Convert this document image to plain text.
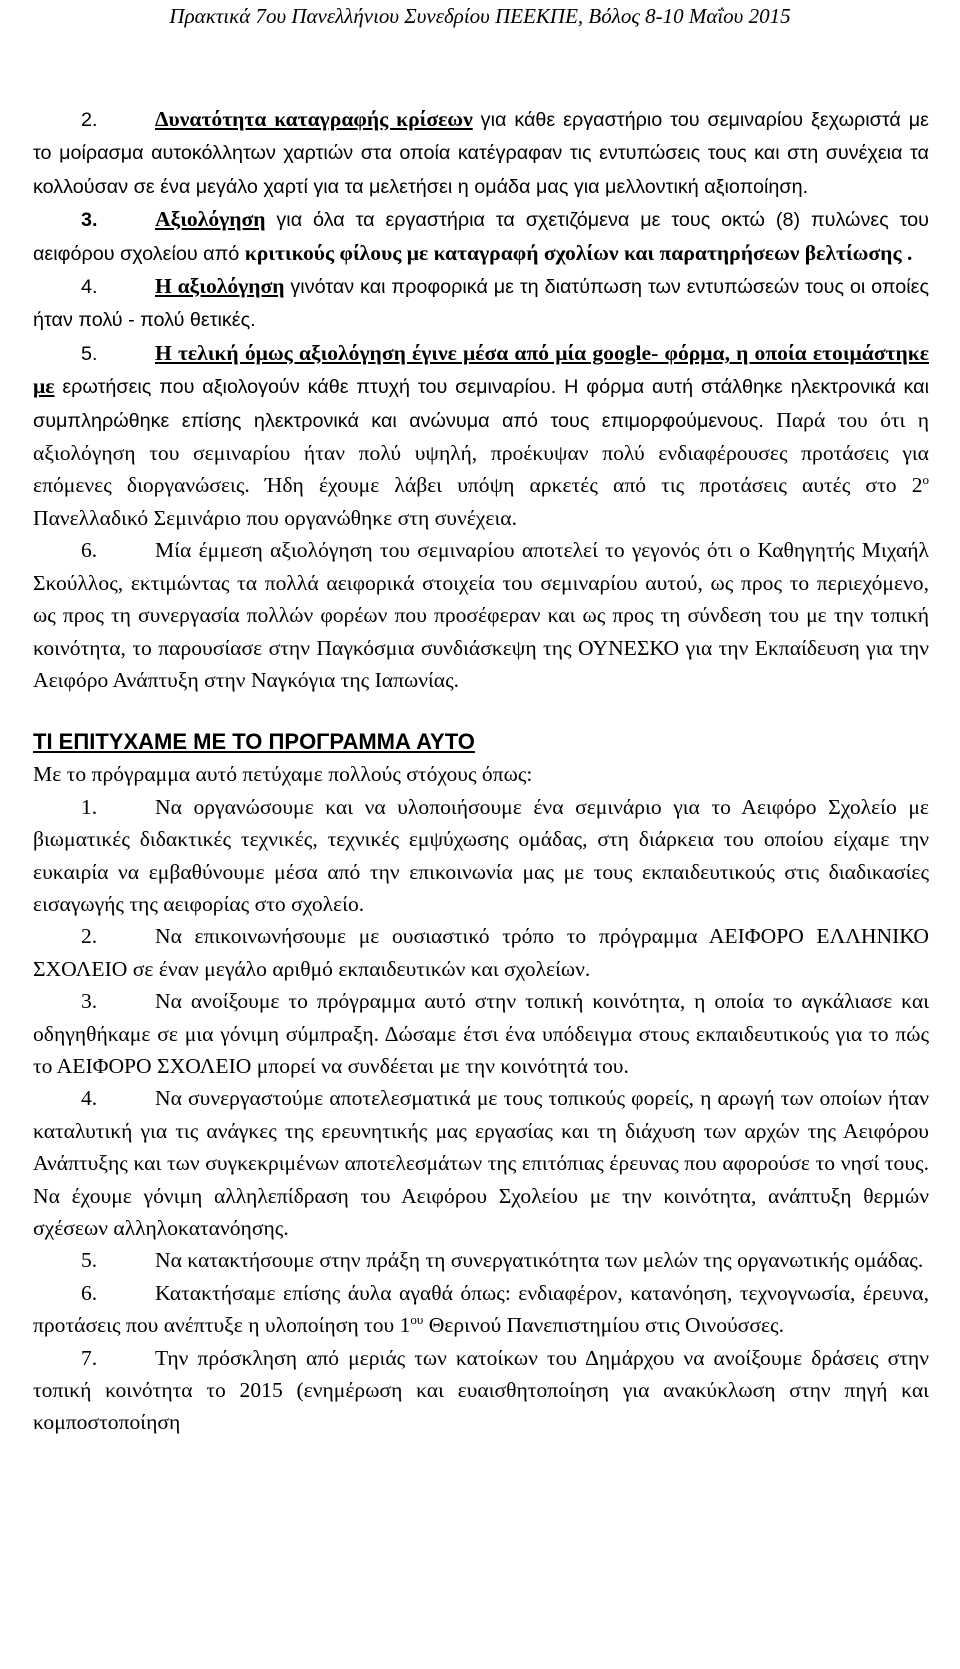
Πρακτικά 7ου Πανελλήνιου Συνεδρίου ΠΕΕΚΠΕ, Βόλος 8-10 Μαΐου 2015

2.	Δυνατότητα καταγραφής κρίσεων για κάθε εργαστήριο του σεμιναρίου ξεχωριστά με το μοίρασμα αυτοκόλλητων χαρτιών στα οποία κατέγραφαν τις εντυπώσεις τους και στη συνέχεια τα κολλούσαν σε ένα μεγάλο χαρτί για τα μελετήσει η ομάδα μας για μελλοντική αξιοποίηση.

3.	Αξιολόγηση για όλα τα εργαστήρια τα σχετιζόμενα με τους οκτώ (8) πυλώνες του αειφόρου σχολείου από κριτικούς φίλους με καταγραφή σχολίων και παρατηρήσεων βελτίωσης .

4.	Η αξιολόγηση γινόταν και προφορικά με τη διατύπωση των εντυπώσεών τους οι οποίες ήταν πολύ - πολύ θετικές.

5.	Η τελική όμως αξιολόγηση έγινε μέσα από μία google- φόρμα, η οποία ετοιμάστηκε με ερωτήσεις που αξιολογούν κάθε πτυχή του σεμιναρίου. Η φόρμα αυτή στάλθηκε ηλεκτρονικά και συμπληρώθηκε επίσης ηλεκτρονικά και ανώνυμα από τους επιμορφούμενους. Παρά του ότι η αξιολόγηση του σεμιναρίου ήταν πολύ υψηλή, προέκυψαν πολύ ενδιαφέρουσες προτάσεις για επόμενες διοργανώσεις. Ήδη έχουμε λάβει υπόψη αρκετές από τις προτάσεις αυτές στο $2^o$ Πανελλαδικό Σεμινάριο που οργανώθηκε στη συνέχεια.

6.	Μία έμμεση αξιολόγηση του σεμιναρίου αποτελεί το γεγονός ότι ο Καθηγητής Μιχαήλ Σκούλλος, εκτιμώντας τα πολλά αειφορικά στοιχεία του σεμιναρίου αυτού, ως προς το περιεχόμενο, ως προς τη συνεργασία πολλών φορέων που προσέφεραν και ως προς τη σύνδεση του με την τοπική κοινότητα, το παρουσίασε στην Παγκόσμια συνδιάσκεψη της ΟΥΝΕΣΚΟ για την Εκπαίδευση για την Αειφόρο Ανάπτυξη στην Ναγκόγια της Ιαπωνίας.

ΤΙ ΕΠΙΤΥΧΑΜΕ ΜΕ ΤΟ ΠΡΟΓΡΑΜΜΑ ΑΥΤΟ

Με το πρόγραμμα αυτό πετύχαμε πολλούς στόχους όπως:

1.	Να οργανώσουμε και να υλοποιήσουμε ένα σεμινάριο για το Αειφόρο Σχολείο με βιωματικές διδακτικές τεχνικές, τεχνικές εμψύχωσης ομάδας, στη διάρκεια του οποίου είχαμε την ευκαιρία να εμβαθύνουμε μέσα από την επικοινωνία μας με τους εκπαιδευτικούς στις διαδικασίες εισαγωγής της αειφορίας στο σχολείο.

2.	Να επικοινωνήσουμε με ουσιαστικό τρόπο το πρόγραμμα ΑΕΙΦΟΡΟ ΕΛΛΗΝΙΚΟ ΣΧΟΛΕΙΟ σε έναν μεγάλο αριθμό εκπαιδευτικών και σχολείων.

3.	Να ανοίξουμε το πρόγραμμα αυτό στην τοπική κοινότητα, η οποία το αγκάλιασε και οδηγηθήκαμε σε μια γόνιμη σύμπραξη. Δώσαμε έτσι ένα υπόδειγμα στους εκπαιδευτικούς για το πώς το ΑΕΙΦΟΡΟ ΣΧΟΛΕΙΟ μπορεί να συνδέεται με την κοινότητά του.

4.	Να συνεργαστούμε αποτελεσματικά με τους τοπικούς φορείς, η αρωγή των οποίων ήταν καταλυτική για τις ανάγκες της ερευνητικής μας εργασίας και τη διάχυση των αρχών της Αειφόρου Ανάπτυξης και των συγκεκριμένων αποτελεσμάτων της επιτόπιας έρευνας που αφορούσε το νησί τους. Να έχουμε γόνιμη αλληλεπίδραση του Αειφόρου Σχολείου με την κοινότητα, ανάπτυξη θερμών σχέσεων αλληλοκατανόησης.

5.	Να κατακτήσουμε στην πράξη τη συνεργατικότητα των μελών της οργανωτικής ομάδας.

6.	Κατακτήσαμε επίσης άυλα αγαθά όπως: ενδιαφέρον, κατανόηση, τεχνογνωσία, έρευνα, προτάσεις που ανέπτυξε η υλοποίηση του $1^{o\upsilon}$ Θερινού Πανεπιστημίου στις Οινούσσες.

7.	Την πρόσκληση από μεριάς των κατοίκων του Δημάρχου να ανοίξουμε δράσεις στην τοπική κοινότητα το 2015 (ενημέρωση και ευαισθητοποίηση για ανακύκλωση στην πηγή και κομποστοποίηση
